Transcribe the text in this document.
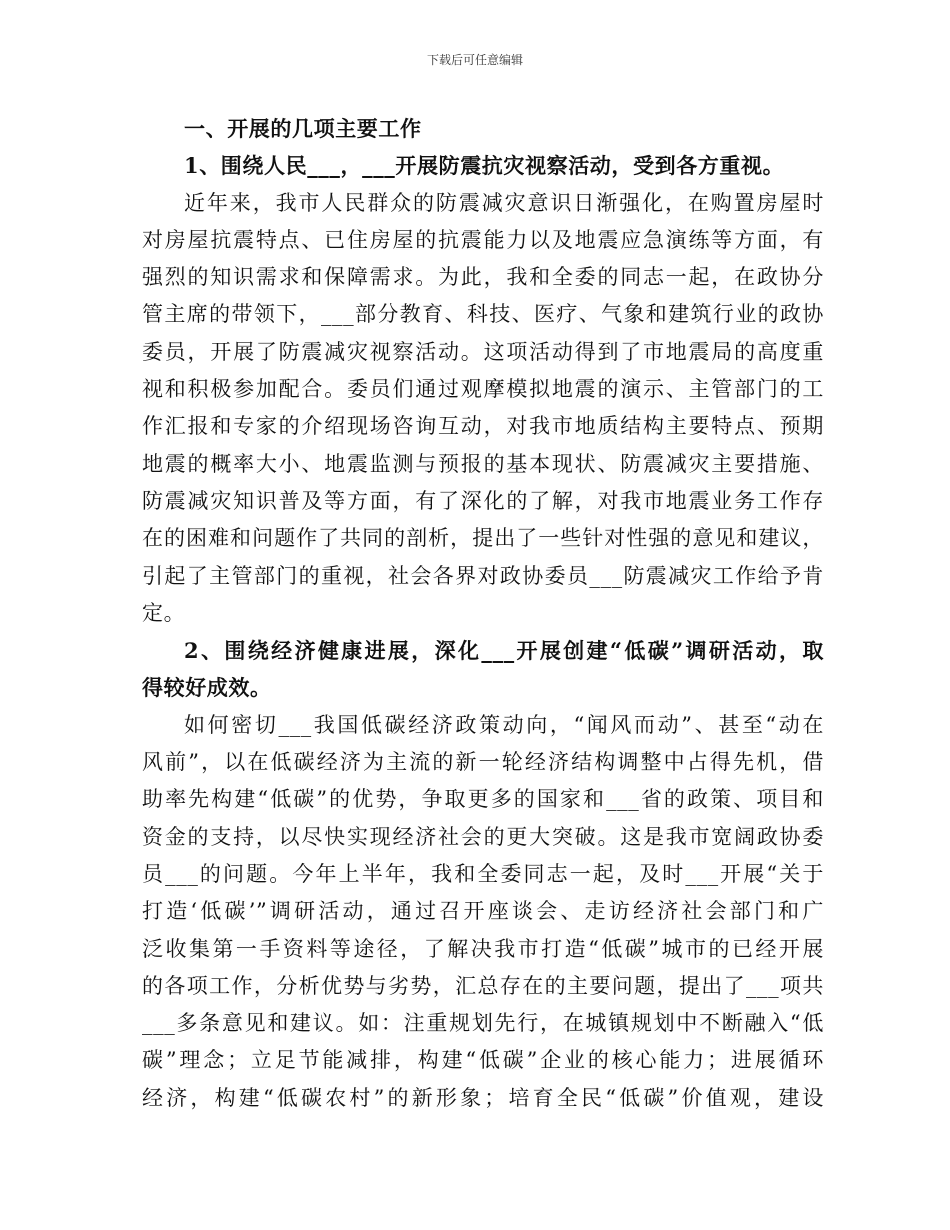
下载后可任意编辑
一、开展的几项主要工作
1、围绕人民___，___开展防震抗灾视察活动，受到各方重视。
近年来，我市人民群众的防震减灾意识日渐强化，在购置房屋时
对房屋抗震特点、已住房屋的抗震能力以及地震应急演练等方面，有
强烈的知识需求和保障需求。为此，我和全委的同志一起，在政协分
管主席的带领下，___部分教育、科技、医疗、气象和建筑行业的政协
委员，开展了防震减灾视察活动。这项活动得到了市地震局的高度重
视和积极参加配合。委员们通过观摩模拟地震的演示、主管部门的工
作汇报和专家的介绍现场咨询互动，对我市地质结构主要特点、预期
地震的概率大小、地震监测与预报的基本现状、防震减灾主要措施、
防震减灾知识普及等方面，有了深化的了解，对我市地震业务工作存
在的困难和问题作了共同的剖析，提出了一些针对性强的意见和建议，
引起了主管部门的重视，社会各界对政协委员___防震减灾工作给予肯
定。
2、围绕经济健康进展，深化___开展创建“低碳”调研活动，取
得较好成效。
如何密切___我国低碳经济政策动向，“闻风而动”、甚至“动在
风前”，以在低碳经济为主流的新一轮经济结构调整中占得先机，借
助率先构建“低碳”的优势，争取更多的国家和___省的政策、项目和
资金的支持，以尽快实现经济社会的更大突破。这是我市宽阔政协委
员___的问题。今年上半年，我和全委同志一起，及时___开展“关于
打造‘低碳’”调研活动，通过召开座谈会、走访经济社会部门和广
泛收集第一手资料等途径，了解决我市打造“低碳”城市的已经开展
的各项工作，分析优势与劣势，汇总存在的主要问题，提出了___项共
___多条意见和建议。如：注重规划先行，在城镇规划中不断融入“低
碳”理念；立足节能减排，构建“低碳”企业的核心能力；进展循环
经济，构建“低碳农村”的新形象；培育全民“低碳”价值观，建设
